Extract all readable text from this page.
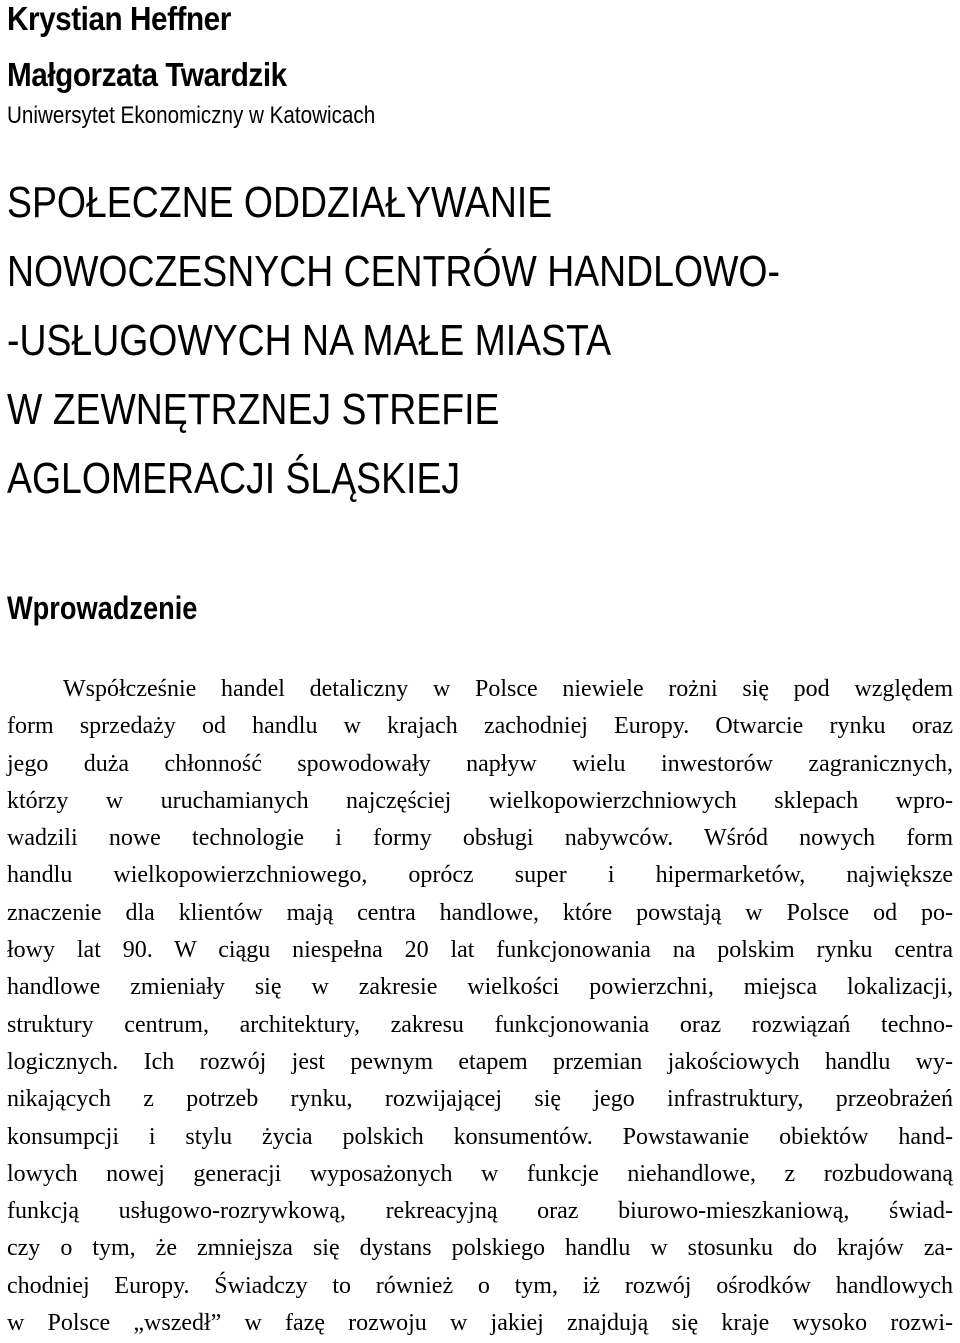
Krystian Heffner
Małgorzata Twardzik
Uniwersytet Ekonomiczny w Katowicach
SPOŁECZNE ODDZIAŁYWANIE
NOWOCZESNYCH CENTRÓW HANDLOWO-
-USŁUGOWYCH NA MAŁE MIASTA
W ZEWNĘTRZNEJ STREFIE
AGLOMERACJI ŚLĄSKIEJ
Wprowadzenie
Współcześnie handel detaliczny w Polsce niewiele rożni się pod względem
form sprzedaży od handlu w krajach zachodniej Europy. Otwarcie rynku oraz
jego duża chłonność spowodowały napływ wielu inwestorów zagranicznych,
którzy w uruchamianych najczęściej wielkopowierzchniowych sklepach wpro-
wadzili nowe technologie i formy obsługi nabywców. Wśród nowych form
handlu wielkopowierzchniowego, oprócz super i hipermarketów, największe
znaczenie dla klientów mają centra handlowe, które powstają w Polsce od po-
łowy lat 90. W ciągu niespełna 20 lat funkcjonowania na polskim rynku centra
handlowe zmieniały się w zakresie wielkości powierzchni, miejsca lokalizacji,
struktury centrum, architektury, zakresu funkcjonowania oraz rozwiązań techno-
logicznych. Ich rozwój jest pewnym etapem przemian jakościowych handlu wy-
nikających z potrzeb rynku, rozwijającej się jego infrastruktury, przeobrażeń
konsumpcji i stylu życia polskich konsumentów. Powstawanie obiektów hand-
lowych nowej generacji wyposażonych w funkcje niehandlowe, z rozbudowaną
funkcją usługowo-rozrywkową, rekreacyjną oraz biurowo-mieszkaniową, świad-
czy o tym, że zmniejsza się dystans polskiego handlu w stosunku do krajów za-
chodniej Europy. Świadczy to również o tym, iż rozwój ośrodków handlowych
w Polsce „wszedł” w fazę rozwoju w jakiej znajdują się kraje wysoko rozwi-
